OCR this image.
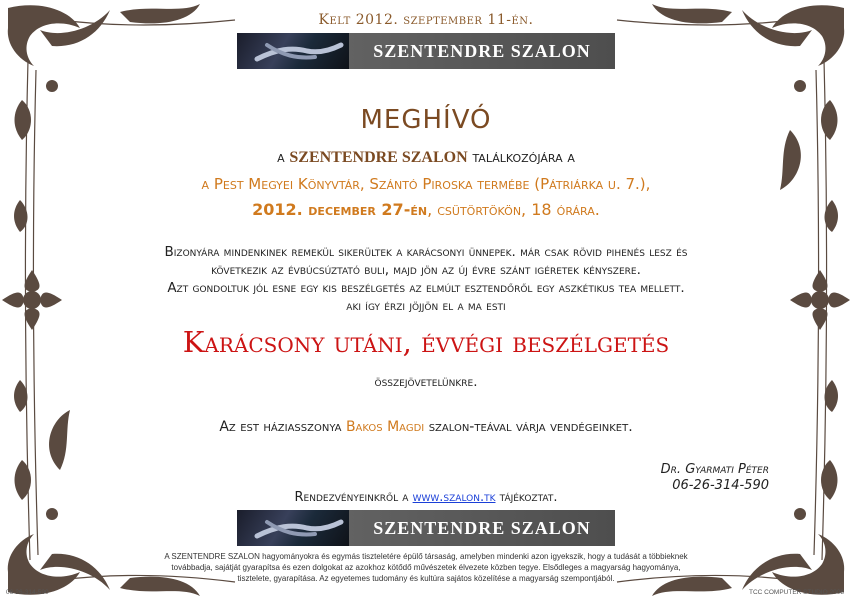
Kelt 2012. szeptember 11-én.
SZENTENDRE SZALON
MEGHÍVÓ
a SZENTENDRE SZALON találkozójára a
a Pest Megyei Könyvtár, Szántó Piroska termébe (Pátriárka u. 7.),
2012. december 27-én, csütörtökön, 18 órára.
Bizonyára mindenkinek remekül sikerültek a karácsonyi ünnepek. már csak rövid pihenés lesz és
következik az évbúcsúztató buli, majd jön az új évre szánt igéretek kényszere.
Azt gondoltuk jól esne egy kis beszélgetés az elmúlt esztendőről egy aszkétikus tea mellett.
aki így érzi jöjjön el a ma esti
Karácsony utáni, évvégi beszélgetés
összejövetelünkre.
Az est háziasszonya Bakos Magdi szalon-teával várja vendégeinket.
Dr. Gyarmati Péter
06-26-314-590
Rendezvényeinkről a www.szalon.tk tájékoztat.
SZENTENDRE SZALON
A SZENTENDRE SZALON hagyományokra és egymás tiszteletére épülő társaság, amelyben mindenki azon igyekszik, hogy a tudását a többieknek
továbbadja, sajátját gyarapítsa és ezen dolgokat az azokhoz kötődő művészetek élvezete közben tegye. Elsődleges a magyarság hagyománya,
tisztelete, gyarapítása. Az egyetemes tudomány és kultúra sajátos közelítése a magyarság szempontjából.
06-26-314-590	TCC COMPUTER STUDIO 2008
